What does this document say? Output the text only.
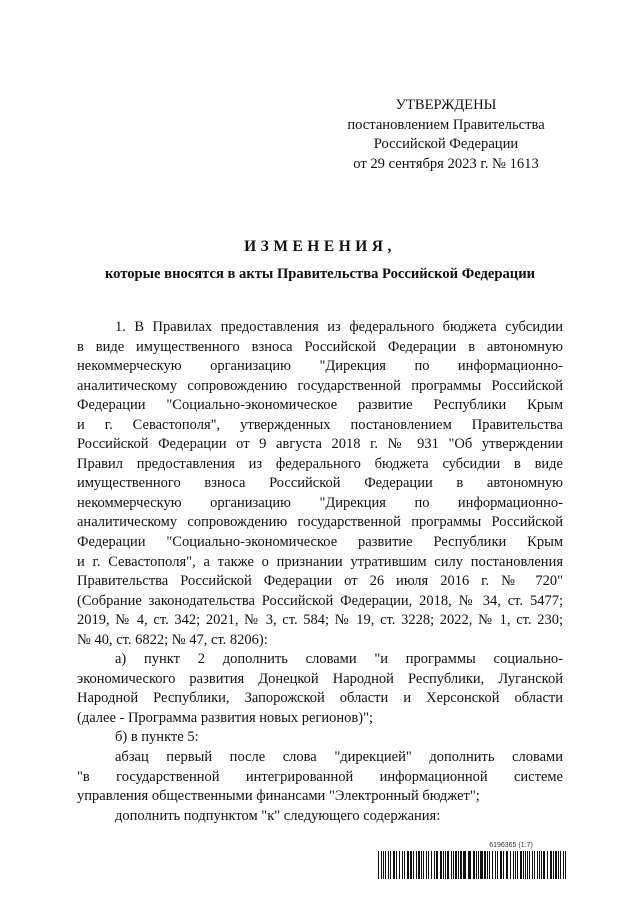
УТВЕРЖДЕНЫ
постановлением Правительства
Российской Федерации
от 29 сентября 2023 г. № 1613
ИЗМЕНЕНИЯ,
которые вносятся в акты Правительства Российской Федерации
1. В Правилах предоставления из федерального бюджета субсидии
в виде имущественного взноса Российской Федерации в автономную
некоммерческую организацию "Дирекция по информационно-
аналитическому сопровождению государственной программы Российской
Федерации "Социально-экономическое развитие Республики Крым
и г. Севастополя", утвержденных постановлением Правительства
Российской Федерации от 9 августа 2018 г. № 931 "Об утверждении
Правил предоставления из федерального бюджета субсидии в виде
имущественного взноса Российской Федерации в автономную
некоммерческую организацию "Дирекция по информационно-
аналитическому сопровождению государственной программы Российской
Федерации "Социально-экономическое развитие Республики Крым
и г. Севастополя", а также о признании утратившим силу постановления
Правительства Российской Федерации от 26 июля 2016 г. № 720"
(Собрание законодательства Российской Федерации, 2018, № 34, ст. 5477;
2019, № 4, ст. 342; 2021, № 3, ст. 584; № 19, ст. 3228; 2022, № 1, ст. 230;
№ 40, ст. 6822; № 47, ст. 8206):
а) пункт 2 дополнить словами "и программы социально-
экономического развития Донецкой Народной Республики, Луганской
Народной Республики, Запорожской области и Херсонской области
(далее - Программа развития новых регионов)";
б) в пункте 5:
абзац первый после слова "дирекцией" дополнить словами
"в государственной интегрированной информационной системе
управления общественными финансами "Электронный бюджет";
дополнить подпунктом "к" следующего содержания:
6196365 (1.7)
